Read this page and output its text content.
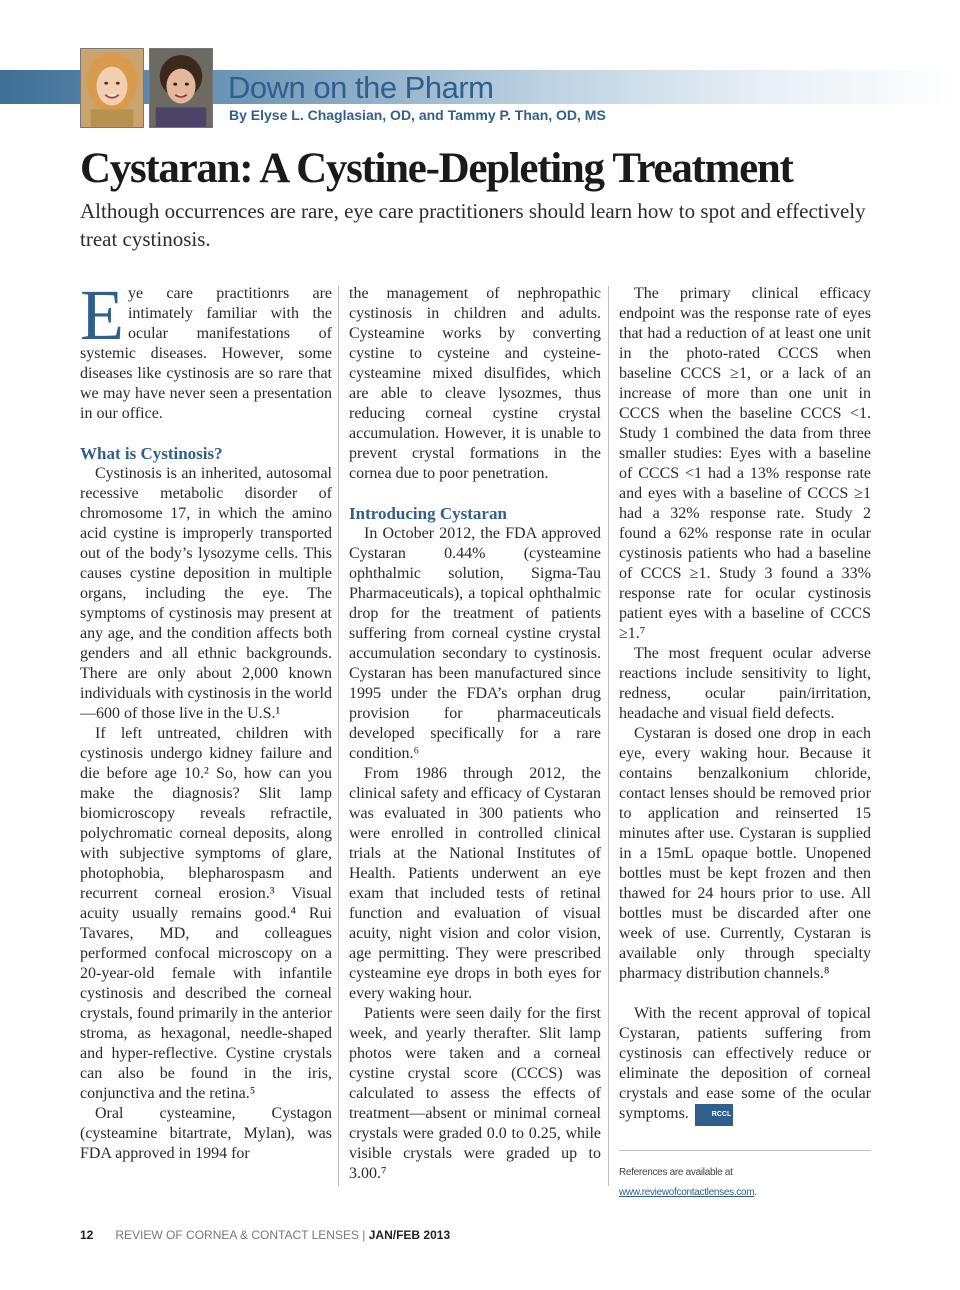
Down on the Pharm
By Elyse L. Chaglasian, OD, and Tammy P. Than, OD, MS
Cystaran: A Cystine-Depleting Treatment

Although occurrences are rare, eye care practitioners should learn how to spot and effectively treat cystinosis.

E ye care practitionrs are intimately familiar with the ocular manifestations of systemic diseases. However, some diseases like cystinosis are so rare that we may have never seen a presentation in our office.

What is Cystinosis?

Cystinosis is an inherited, autosomal recessive metabolic disorder of chromosome 17, in which the amino acid cystine is improperly transported out of the body’s lysozyme cells. This causes cystine deposition in multiple organs, including the eye. The symptoms of cystinosis may present at any age, and the condition affects both genders and all ethnic backgrounds. There are only about 2,000 known individuals with cystinosis in the world—600 of those live in the U.S.¹

If left untreated, children with cystinosis undergo kidney failure and die before age 10.² So, how can you make the diagnosis? Slit lamp biomicroscopy reveals refractile, polychromatic corneal deposits, along with subjective symptoms of glare, photophobia, blepharospasm and recurrent corneal erosion.³ Visual acuity usually remains good.⁴ Rui Tavares, MD, and colleagues performed confocal microscopy on a 20-year-old female with infantile cystinosis and described the corneal crystals, found primarily in the anterior stroma, as hexagonal, needle-shaped and hyper-reflective. Cystine crystals can also be found in the iris, conjunctiva and the retina.⁵

Oral cysteamine, Cystagon (cysteamine bitartrate, Mylan), was FDA approved in 1994 for

the management of nephropathic cystinosis in children and adults. Cysteamine works by converting cystine to cysteine and cysteine-cysteamine mixed disulfides, which are able to cleave lysozmes, thus reducing corneal cystine crystal accumulation. However, it is unable to prevent crystal formations in the cornea due to poor penetration.

Introducing Cystaran

In October 2012, the FDA approved Cystaran 0.44% (cysteamine ophthalmic solution, Sigma-Tau Pharmaceuticals), a topical ophthalmic drop for the treatment of patients suffering from corneal cystine crystal accumulation secondary to cystinosis. Cystaran has been manufactured since 1995 under the FDA’s orphan drug provision for pharmaceuticals developed specifically for a rare condition.⁶

From 1986 through 2012, the clinical safety and efficacy of Cystaran was evaluated in 300 patients who were enrolled in controlled clinical trials at the National Institutes of Health. Patients underwent an eye exam that included tests of retinal function and evaluation of visual acuity, night vision and color vision, age permitting. They were prescribed cysteamine eye drops in both eyes for every waking hour.

Patients were seen daily for the first week, and yearly therafter. Slit lamp photos were taken and a corneal cystine crystal score (CCCS) was calculated to assess the effects of treatment—absent or minimal corneal crystals were graded 0.0 to 0.25, while visible crystals were graded up to 3.00.⁷

The primary clinical efficacy endpoint was the response rate of eyes that had a reduction of at least one unit in the photo-rated CCCS when baseline CCCS ≥1, or a lack of an increase of more than one unit in CCCS when the baseline CCCS <1. Study 1 combined the data from three smaller studies: Eyes with a baseline of CCCS <1 had a 13% response rate and eyes with a baseline of CCCS ≥1 had a 32% response rate. Study 2 found a 62% response rate in ocular cystinosis patients who had a baseline of CCCS ≥1. Study 3 found a 33% response rate for ocular cystinosis patient eyes with a baseline of CCCS ≥1.⁷

The most frequent ocular adverse reactions include sensitivity to light, redness, ocular pain/irritation, headache and visual field defects.

Cystaran is dosed one drop in each eye, every waking hour. Because it contains benzalkonium chloride, contact lenses should be removed prior to application and reinserted 15 minutes after use. Cystaran is supplied in a 15mL opaque bottle. Unopened bottles must be kept frozen and then thawed for 24 hours prior to use. All bottles must be discarded after one week of use. Currently, Cystaran is available only through specialty pharmacy distribution channels.⁸

With the recent approval of topical Cystaran, patients suffering from cystinosis can effectively reduce or eliminate the deposition of corneal crystals and ease some of the ocular symptoms.	RCCL

References are available at www.reviewofcontactlenses.com.
12 REVIEW OF CORNEA & CONTACT LENSES | JAN/FEB 2013
